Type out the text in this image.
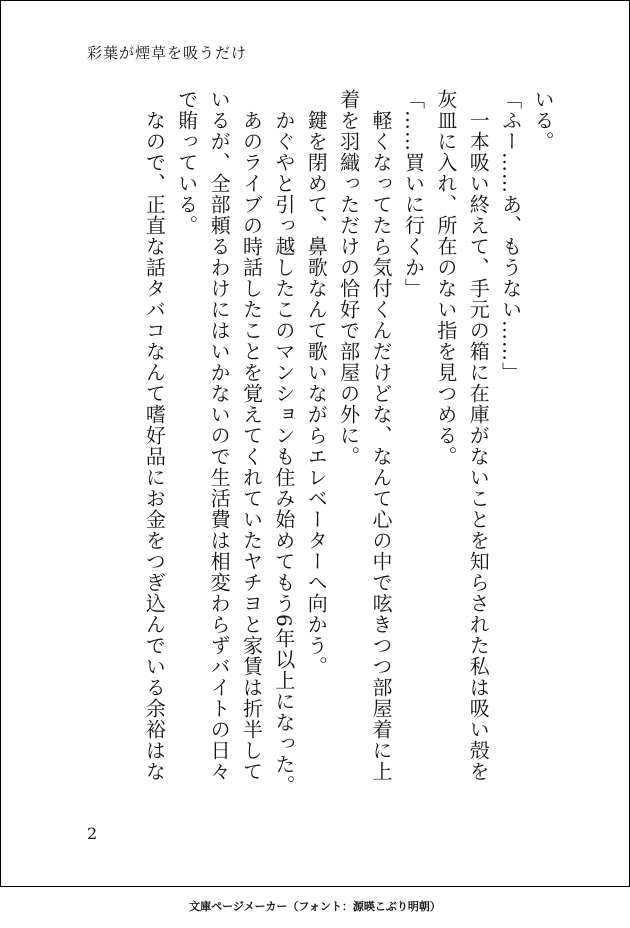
彩葉が煙草を吸うだけ
いる。
「ふー……あ、もうない……」
　一本吸い終えて、手元の箱に在庫がないことを知らされた私は吸い殻を
灰皿に入れ、所在のない指を見つめる。
「……買いに行くか」
　軽くなってたら気付くんだけどな、なんて心の中で呟きつつ部屋着に上
着を羽織っただけの恰好で部屋の外に。
　鍵を閉めて、鼻歌なんて歌いながらエレベーターへ向かう。
　かぐやと引っ越したこのマンションも住み始めてもう6年以上になった。
　あのライブの時話したことを覚えてくれていたヤチヨと家賃は折半して
いるが、全部頼るわけにはいかないので生活費は相変わらずバイトの日々
で賄っている。
　なので、正直な話タバコなんて嗜好品にお金をつぎ込んでいる余裕はな
2
文庫ページメーカー（フォント：源暎こぶり明朝）
